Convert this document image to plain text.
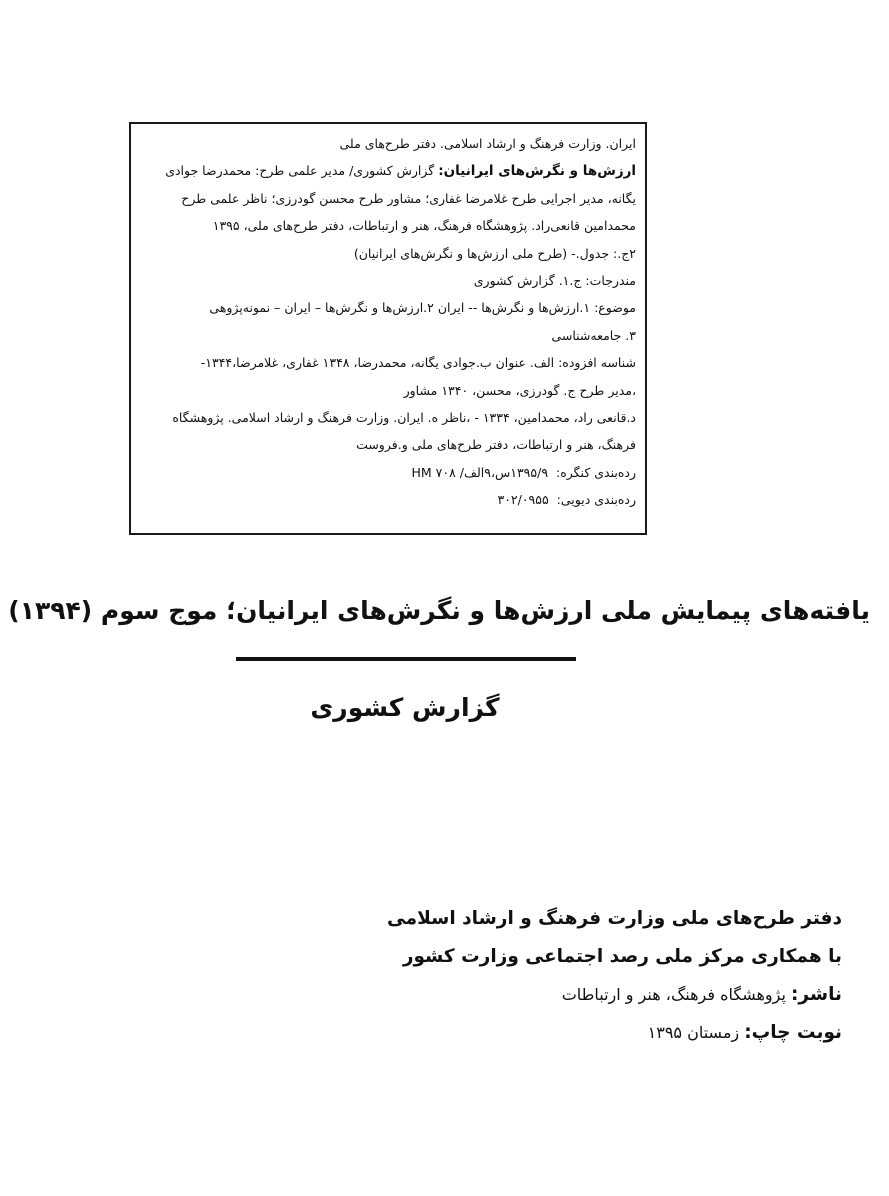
ایران. وزارت فرهنگ و ارشاد اسلامی. دفتر طرح‌های ملی
ارزش‌ها و نگرش‌های ایرانیان: گزارش کشوری/ مدیر علمی طرح: محمدرضا جوادی
یگانه، مدیر اجرایی طرح غلامرضا غفاری؛ مشاور طرح محسن گودرزی؛ ناظر علمی طرح
محمدامین قانعی‌راد. پژوهشگاه فرهنگ، هنر و ارتباطات، دفتر طرح‌های ملی، ۱۳۹۵
۲ج.: جدول.- (طرح ملی ارزش‌ها و نگرش‌های ایرانیان)
مندرجات: ج.۱. گزارش کشوری
موضوع: ۱.ارزش‌ها و نگرش‌ها -- ایران ۲.ارزش‌ها و نگرش‌ها – ایران – نمونه‌پژوهی
۳. جامعه‌شناسی
شناسه افزوده: الف. عنوان ب.جوادی یگانه، محمدرضا، ۱۳۴۸ غفاری، غلامرضا،۱۳۴۴-
،مدیر طرح ج. گودرزی، محسن، ۱۳۴۰ مشاور
د.قانعی راد، محمدامین، ۱۳۳۴ - ،ناظر ه. ایران. وزارت فرهنگ و ارشاد اسلامی. پژوهشگاه
فرهنگ، هنر و ارتباطات، دفتر طرح‌های ملی و.فروست
رده‌بندی کنگره:  ۱۳۹۵/۹س،۹الف/ ۷۰۸ HM
رده‌بندی دیویی:  ۳۰۲/۰۹۵۵
یافته‌های پیمایش ملی ارزش‌ها و نگرش‌های ایرانیان؛ موج سوم (۱۳۹۴)
گزارش کشوری
دفتر طرح‌های ملی وزارت فرهنگ و ارشاد اسلامی
با همکاری مرکز ملی رصد اجتماعی وزارت کشور
ناشر: پژوهشگاه فرهنگ، هنر و ارتباطات
نوبت چاپ: زمستان ۱۳۹۵
